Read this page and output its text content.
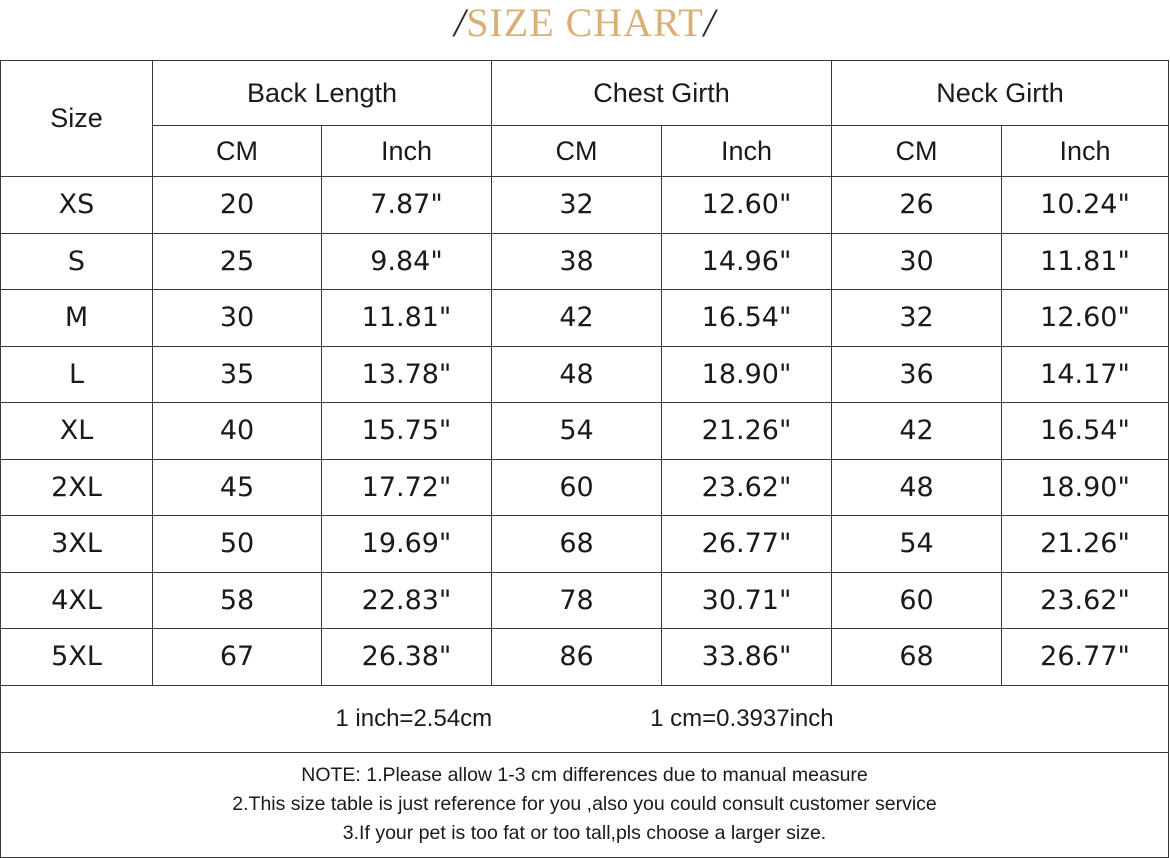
/SIZE CHART/
Size	Back Length		Chest Girth		Neck Girth	
	CM	Inch	CM	Inch	CM	Inch
XS	20	7.87"	32	12.60"	26	10.24"
S	25	9.84"	38	14.96"	30	11.81"
M	30	11.81"	42	16.54"	32	12.60"
L	35	13.78"	48	18.90"	36	14.17"
XL	40	15.75"	54	21.26"	42	16.54"
2XL	45	17.72"	60	23.62"	48	18.90"
3XL	50	19.69"	68	26.77"	54	21.26"
4XL	58	22.83"	78	30.71"	60	23.62"
5XL	67	26.38"	86	33.86"	68	26.77"

1 inch=2.54cm 1 cm=0.3937inch						

NOTE: 1.Please allow 1-3 cm differences due to manual measure
2.This size table is just reference for you ,also you could consult customer service
3.If your pet is too fat or too tall,pls choose a larger size.						
